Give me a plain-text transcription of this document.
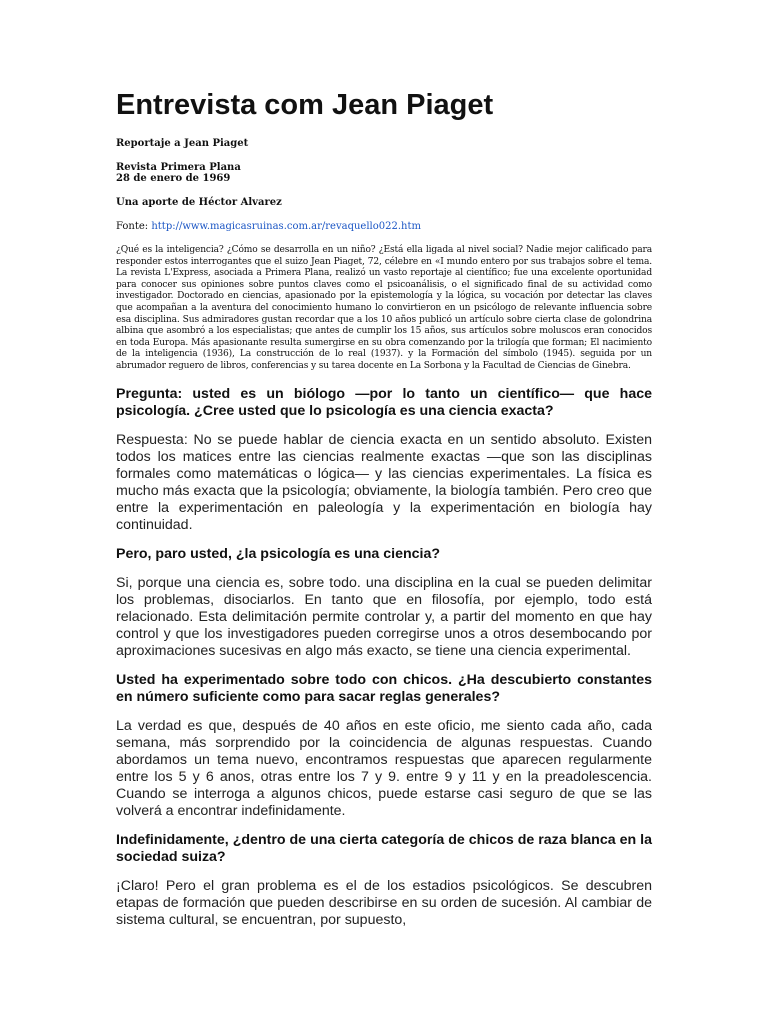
Entrevista com Jean Piaget

Reportaje a Jean Piaget

Revista Primera Plana
28 de enero de 1969

Una aporte de Héctor Alvarez

Fonte: http://www.magicasruinas.com.ar/revaquello022.htm

¿Qué es la inteligencia? ¿Cómo se desarrolla en un niño? ¿Está ella ligada al nivel social? Nadie mejor calificado para responder estos interrogantes que el suizo Jean Piaget, 72, célebre en «I mundo entero por sus trabajos sobre el tema. La revista L'Express, asociada a Primera Plana, realizó un vasto reportaje al científico; fue una excelente oportunidad para conocer sus opiniones sobre puntos claves como el psicoanálisis, o el significado final de su actividad como investigador. Doctorado en ciencias, apasionado por la epistemología y la lógica, su vocación por detectar las claves que acompañan a la aventura del conocimiento humano lo convirtieron en un psicólogo de relevante influencia sobre esa disciplina. Sus admiradores gustan recordar que a los 10 años publicó un artículo sobre cierta clase de golondrina albina que asombró a los especialistas; que antes de cumplir los 15 años, sus artículos sobre moluscos eran conocidos en toda Europa. Más apasionante resulta sumergirse en su obra comenzando por la trilogía que forman; El nacimiento de la inteligencia (1936), La construcción de lo real (1937). y la Formación del símbolo (1945). seguida por un abrumador reguero de libros, conferencias y su tarea docente en La Sorbona y la Facultad de Ciencias de Ginebra.

Pregunta: usted es un biólogo —por lo tanto un científico— que hace psicología. ¿Cree usted que lo psicología es una ciencia exacta?

Respuesta: No se puede hablar de ciencia exacta en un sentido absoluto. Existen todos los matices entre las ciencias realmente exactas —que son las disciplinas formales como matemáticas o lógica— y las ciencias experimentales. La física es mucho más exacta que la psicología; obviamente, la biología también. Pero creo que entre la experimentación en paleología y la experimentación en biología hay continuidad.

Pero, paro usted, ¿la psicología es una ciencia?

Si, porque una ciencia es, sobre todo. una disciplina en la cual se pueden delimitar los problemas, disociarlos. En tanto que en filosofía, por ejemplo, todo está relacionado. Esta delimitación permite controlar y, a partir del momento en que hay control y que los investigadores pueden corregirse unos a otros desembocando por aproximaciones sucesivas en algo más exacto, se tiene una ciencia experimental.

Usted ha experimentado sobre todo con chicos. ¿Ha descubierto constantes en número suficiente como para sacar reglas generales?

La verdad es que, después de 40 años en este oficio, me siento cada año, cada semana, más sorprendido por la coincidencia de algunas respuestas. Cuando abordamos un tema nuevo, encontramos respuestas que aparecen regularmente entre los 5 y 6 anos, otras entre los 7 y 9. entre 9 y 11 y en la preadolescencia. Cuando se interroga a algunos chicos, puede estarse casi seguro de que se las volverá a encontrar indefinidamente.

Indefinidamente, ¿dentro de una cierta categoría de chicos de raza blanca en la sociedad suiza?

¡Claro! Pero el gran problema es el de los estadios psicológicos. Se descubren etapas de formación que pueden describirse en su orden de sucesión. Al cambiar de sistema cultural, se encuentran, por supuesto,
